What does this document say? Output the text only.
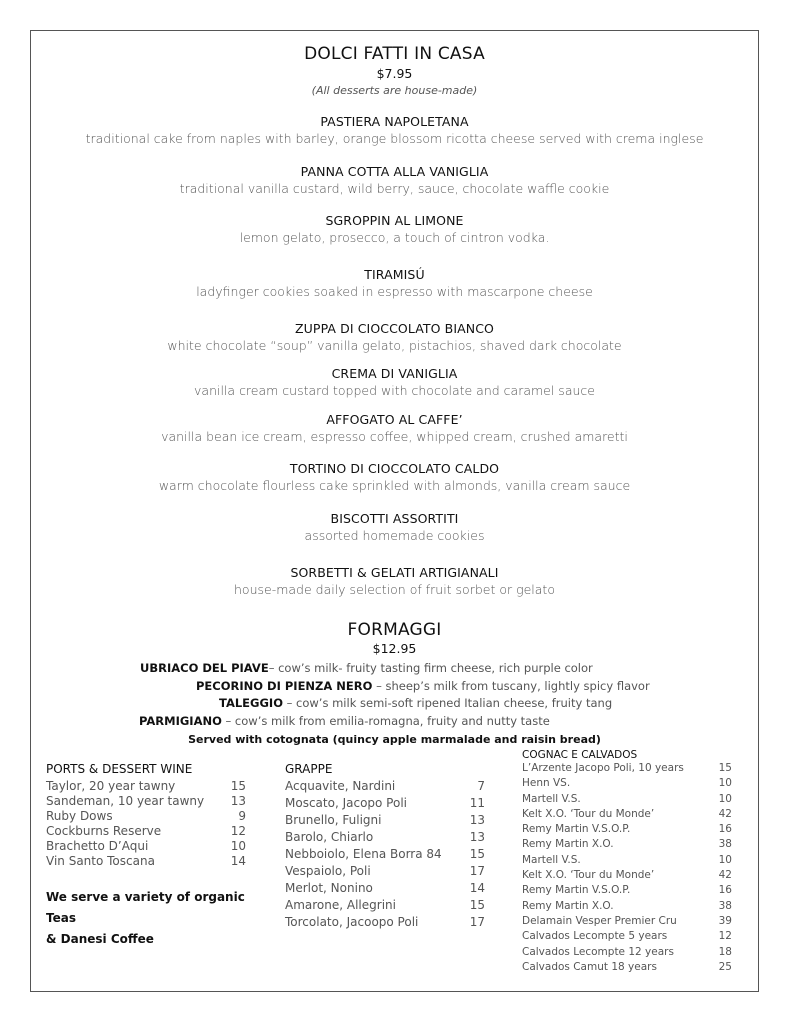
DOLCI FATTI IN CASA
$7.95
(All desserts are house-made)
PASTIERA NAPOLETANA
traditional cake from naples with barley, orange blossom ricotta cheese served with crema inglese
PANNA COTTA ALLA VANIGLIA
traditional vanilla custard, wild berry, sauce, chocolate waffle cookie
SGROPPIN AL LIMONE
lemon gelato, prosecco, a touch of cintron vodka.
TIRAMISÚ
ladyfinger cookies soaked in espresso with mascarpone cheese
ZUPPA DI CIOCCOLATO BIANCO
white chocolate “soup” vanilla gelato, pistachios, shaved dark chocolate
CREMA DI VANIGLIA
vanilla cream custard topped with chocolate and caramel sauce
AFFOGATO AL CAFFE’
vanilla bean ice cream, espresso coffee, whipped cream, crushed amaretti
TORTINO DI CIOCCOLATO CALDO
warm chocolate flourless cake sprinkled with almonds, vanilla cream sauce
BISCOTTI ASSORTITI
assorted homemade cookies
SORBETTI & GELATI ARTIGIANALI
house-made daily selection of fruit sorbet or gelato
FORMAGGI
$12.95
UBRIACO DEL PIAVE– cow’s milk- fruity tasting firm cheese, rich purple color
PECORINO DI PIENZA NERO – sheep’s milk from tuscany, lightly spicy flavor
TALEGGIO – cow’s milk semi-soft ripened Italian cheese, fruity tang
PARMIGIANO – cow’s milk from emilia-romagna, fruity and nutty taste
Served with cotognata (quincy apple marmalade and raisin bread)
PORTS & DESSERT WINE
Taylor, 20 year tawny	15
Sandeman, 10 year tawny 13
Ruby Dows	9
Cockburns Reserve	12
Brachetto D’Aqui	10
Vin Santo Toscana	14
We serve a variety of organic Teas
& Danesi Coffee
GRAPPE
Acquavite, Nardini	7
Moscato, Jacopo Poli	11
Brunello, Fuligni	13
Barolo, Chiarlo	13
Nebboiolo, Elena Borra 84 15
Vespaiolo, Poli	17
Merlot, Nonino	14
Amarone, Allegrini	15
Torcolato, Jacoopo Poli	17
COGNAC E CALVADOS
L’Arzente Jacopo Poli, 10 years	15
Henn VS.	10
Martell V.S.	10
Kelt X.O. ‘Tour du Monde’	42
Remy Martin V.S.O.P.	16
Remy Martin X.O.	38
Martell V.S.	10
Kelt X.O. ‘Tour du Monde’	42
Remy Martin V.S.O.P.	16
Remy Martin X.O.	38
Delamain Vesper Premier Cru	39
Calvados Lecompte 5 years	12
Calvados Lecompte 12 years	18
Calvados Camut 18 years	25
